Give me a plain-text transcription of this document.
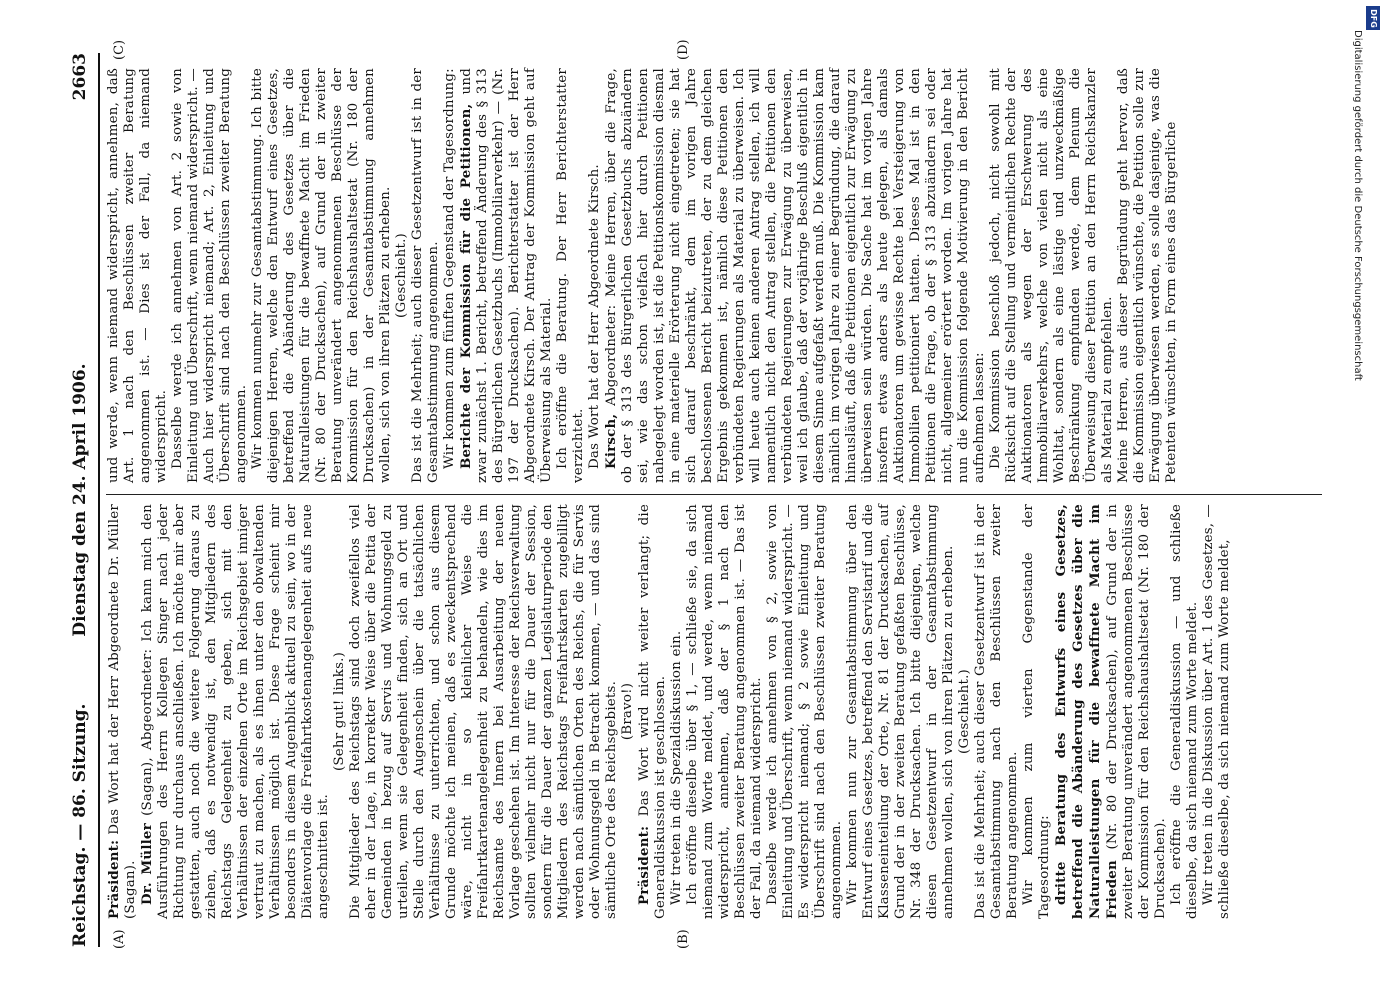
Reichstag. — 86. Sitzung.
Dienstag den 24. April 1906.
2663
(A)	(B)
(C)	(D)

Präsident: Das Wort hat der Herr Abgeordnete Dr. Müller (Sagan). Dr. Müller (Sagan), Abgeordneter: Ich kann mich den Ausführungen des Herrn Kollegen Singer nach jeder Richtung nur durchaus anschließen. Ich möchte mir aber gestatten, auch noch die weitere Folgerung daraus zu ziehen, daß es notwendig ist, den Mitgliedern des Reichstags Gelegenheit zu geben, sich mit den Verhältnissen der einzelnen Orte im Reichsgebiet inniger vertraut zu machen, als es ihnen unter den obwaltenden Verhältnissen möglich ist. Diese Frage scheint mir besonders in diesem Augenblick aktuell zu sein, wo in der Diätenvorlage die Freifahrtkostenangelegenheit aufs neue angeschnitten ist.

(Sehr gut! links.) Die Mitglieder des Reichstags sind doch zweifellos viel eher in der Lage, in korrekter Weise über die Petita der Gemeinden in bezug auf Servis und Wohnungsgeld zu urteilen, wenn sie Gelegenheit finden, sich an Ort und Stelle durch den Augenschein über die tatsächlichen Verhältnisse zu unterrichten, und schon aus diesem Grunde möchte ich meinen, daß es zweckentsprechend wäre, nicht in so kleinlicher Weise die Freifahrtkartenangelegenheit zu behandeln, wie dies im Reichsamte des Innern bei Ausarbeitung der neuen Vorlage geschehen ist. Im Interesse der Reichsverwaltung sollten vielmehr nicht nur für die Dauer der Session, sondern für die Dauer der ganzen Legislaturperiode den Mitgliedern des Reichstags Freifahrtskarten zugebilligt werden nach sämtlichen Orten des Reichs, die für Servis oder Wohnungsgeld in Betracht kommen, — und das sind sämtliche Orte des Reichsgebiets. (Bravo!)

Präsident: Das Wort wird nicht weiter verlangt; die Generaldiskussion ist geschlossen. Wir treten in die Spezialdiskussion ein. Ich eröffne dieselbe über § 1, — schließe sie, da sich niemand zum Worte meldet, und werde, wenn niemand widerspricht, annehmen, daß der § 1 nach den Beschlüssen zweiter Beratung angenommen ist. — Das ist der Fall, da niemand widerspricht. Dasselbe werde ich annehmen von § 2, sowie von Einleitung und Überschrift, wenn niemand widerspricht. — Es widerspricht niemand; § 2 sowie Einleitung und Überschrift sind nach den Beschlüssen zweiter Beratung angenommen. Wir kommen nun zur Gesamtabstimmung über den Entwurf eines Gesetzes, betreffend den Servistarif und die Klasseneinteilung der Orte, Nr. 81 der Drucksachen, auf Grund der in der zweiten Beratung gefaßten Beschlüsse, Nr. 348 der Drucksachen. Ich bitte diejenigen, welche diesen Gesetzentwurf in der Gesamtabstimmung annehmen wollen, sich von ihren Plätzen zu erheben. (Geschieht.) Das ist die Mehrheit; auch dieser Gesetzentwurf ist in der Gesamtabstimmung nach den Beschlüssen zweiter Beratung angenommen. Wir kommen zum vierten Gegenstande der Tagesordnung: dritte Beratung des Entwurfs eines Gesetzes, betreffend die Abänderung des Gesetzes über die Naturalleistungen für die bewaffnete Macht im Frieden (Nr. 80 der Drucksachen), auf Grund der in zweiter Beratung unverändert angenommenen Beschlüsse der Kommission für den Reichshaushaltsetat (Nr. 180 der Drucksachen). Ich eröffne die Generaldiskussion — und schließe dieselbe, da sich niemand zum Worte meldet. Wir treten in die Diskussion über Art. 1 des Gesetzes, — schließe dieselbe, da sich niemand zum Worte meldet,

und werde, wenn niemand widerspricht, annehmen, daß Art. 1 nach den Beschlüssen zweiter Beratung angenommen ist. — Dies ist der Fall, da niemand widerspricht. Dasselbe werde ich annehmen von Art. 2 sowie von Einleitung und Überschrift, wenn niemand widerspricht. — Auch hier widerspricht niemand; Art. 2, Einleitung und Überschrift sind nach den Beschlüssen zweiter Beratung angenommen. Wir kommen nunmehr zur Gesamtabstimmung. Ich bitte diejenigen Herren, welche den Entwurf eines Gesetzes, betreffend die Abänderung des Gesetzes über die Naturalleistungen für die bewaffnete Macht im Frieden (Nr. 80 der Drucksachen), auf Grund der in zweiter Beratung unverändert angenommenen Beschlüsse der Kommission für den Reichshaushaltsetat (Nr. 180 der Drucksachen) in der Gesamtabstimmung annehmen wollen, sich von ihren Plätzen zu erheben. (Geschieht.) Das ist die Mehrheit; auch dieser Gesetzentwurf ist in der Gesamtabstimmung angenommen. Wir kommen zum fünften Gegenstand der Tagesordnung: Berichte der Kommission für die Petitionen, und zwar zunächst 1. Bericht, betreffend Änderung des § 313 des Bürgerlichen Gesetzbuchs (Immobiliarverkehr) — (Nr. 197 der Drucksachen). Berichterstatter ist der Herr Abgeordnete Kirsch. Der Antrag der Kommission geht auf Überweisung als Material. Ich eröffne die Beratung. Der Herr Berichterstatter verzichtet. Das Wort hat der Herr Abgeordnete Kirsch. Kirsch, Abgeordneter: Meine Herren, über die Frage, ob der § 313 des Bürgerlichen Gesetzbuchs abzuändern sei, wie das schon vielfach hier durch Petitionen nahegelegt worden ist, ist die Petitionskommission diesmal in eine materielle Erörterung nicht eingetreten; sie hat sich darauf beschränkt, dem im vorigen Jahre beschlossenen Bericht beizutreten, der zu dem gleichen Ergebnis gekommen ist, nämlich diese Petitionen den verbündeten Regierungen als Material zu überweisen. Ich will heute auch keinen anderen Antrag stellen, ich will namentlich nicht den Antrag stellen, die Petitionen den verbündeten Regierungen zur Erwägung zu überweisen, weil ich glaube, daß der vorjährige Beschluß eigentlich in diesem Sinne aufgefaßt werden muß. Die Kommission kam nämlich im vorigen Jahre zu einer Begründung, die darauf hinausläuft, daß die Petitionen eigentlich zur Erwägung zu überweisen sein würden. Die Sache hat im vorigen Jahre insofern etwas anders als heute gelegen, als damals Auktionatoren um gewisse Rechte bei Versteigerung von Immobilien petitioniert hatten. Dieses Mal ist in den Petitionen die Frage, ob der § 313 abzuändern sei oder nicht, allgemeiner erörtert worden. Im vorigen Jahre hat nun die Kommission folgende Motivierung in den Bericht aufnehmen lassen: Die Kommission beschloß jedoch, nicht sowohl mit Rücksicht auf die Stellung und vermeintlichen Rechte der Auktionatoren als wegen der Erschwerung des Immobiliarverkehrs, welche von vielen nicht als eine Wohltat, sondern als eine lästige und unzweckmäßige Beschränkung empfunden werde, dem Plenum die Überweisung dieser Petition an den Herrn Reichskanzler als Material zu empfehlen. Meine Herren, aus dieser Begründung geht hervor, daß die Kommission eigentlich wünschte, die Petition solle zur Erwägung überwiesen werden, es solle dasjenige, was die Petenten wünschten, in Form eines das Bürgerliche	Digitalisierung gefördert durch die Deutsche Forschungsgemeinschaft
DFG
